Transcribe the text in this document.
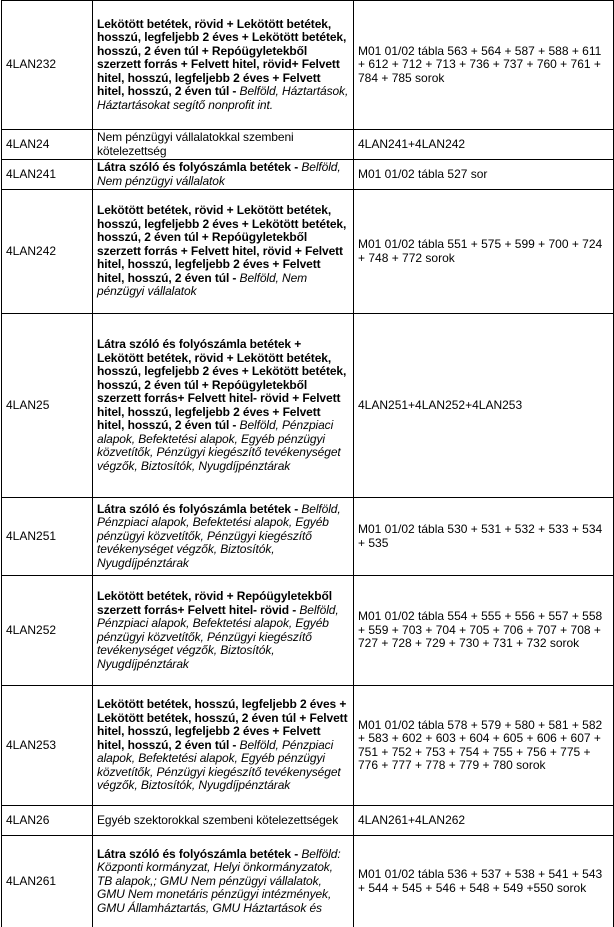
4LAN232	Lekötött betétek, rövid + Lekötött betétek, hosszú, legfeljebb 2 éves + Lekötött betétek, hosszú, 2 éven túl + Repóügyletekből szerzett forrás + Felvett hitel, rövid+ Felvett hitel, hosszú, legfeljebb 2 éves + Felvett hitel, hosszú, 2 éven túl - Belföld, Háztartások, Háztartásokat segítő nonprofit int.	M01 01/02 tábla 563 + 564 + 587 + 588 + 611 + 612 + 712 + 713 + 736 + 737 + 760 + 761 + 784 + 785 sorok
4LAN24	Nem pénzügyi vállalatokkal szembeni kötelezettség	4LAN241+4LAN242
4LAN241	Látra szóló és folyószámla betétek - Belföld, Nem pénzügyi vállalatok	M01 01/02 tábla 527 sor
4LAN242	Lekötött betétek, rövid + Lekötött betétek, hosszú, legfeljebb 2 éves + Lekötött betétek, hosszú, 2 éven túl + Repóügyletekből szerzett forrás + Felvett hitel, rövid + Felvett hitel, hosszú, legfeljebb 2 éves + Felvett hitel, hosszú, 2 éven túl - Belföld, Nem pénzügyi vállalatok	M01 01/02 tábla 551 + 575 + 599 + 700 + 724 + 748 + 772 sorok
4LAN25	Látra szóló és folyószámla betétek + Lekötött betétek, rövid + Lekötött betétek, hosszú, legfeljebb 2 éves + Lekötött betétek, hosszú, 2 éven túl + Repóügyletekből szerzett forrás+ Felvett hitel- rövid + Felvett hitel, hosszú, legfeljebb 2 éves + Felvett hitel, hosszú, 2 éven túl - Belföld, Pénzpiaci alapok, Befektetési alapok, Egyéb pénzügyi közvetítők, Pénzügyi kiegészítő tevékenységet végzők, Biztosítók, Nyugdíjpénztárak	4LAN251+4LAN252+4LAN253
4LAN251	Látra szóló és folyószámla betétek - Belföld, Pénzpiaci alapok, Befektetési alapok, Egyéb pénzügyi közvetítők, Pénzügyi kiegészítő tevékenységet végzők, Biztosítók, Nyugdíjpénztárak	M01 01/02 tábla 530 + 531 + 532 + 533 + 534 + 535
4LAN252	Lekötött betétek, rövid + Repóügyletekből szerzett forrás+ Felvett hitel- rövid - Belföld, Pénzpiaci alapok, Befektetési alapok, Egyéb pénzügyi közvetítők, Pénzügyi kiegészítő tevékenységet végzők, Biztosítók, Nyugdíjpénztárak	M01 01/02 tábla 554 + 555 + 556 + 557 + 558 + 559 + 703 + 704 + 705 + 706 + 707 + 708 + 727 + 728 + 729 + 730 + 731 + 732 sorok
4LAN253	Lekötött betétek, hosszú, legfeljebb 2 éves + Lekötött betétek, hosszú, 2 éven túl + Felvett hitel, hosszú, legfeljebb 2 éves + Felvett hitel, hosszú, 2 éven túl - Belföld, Pénzpiaci alapok, Befektetési alapok, Egyéb pénzügyi közvetítők, Pénzügyi kiegészítő tevékenységet végzők, Biztosítók, Nyugdíjpénztárak	M01 01/02 tábla 578 + 579 + 580 + 581 + 582 + 583 + 602 + 603 + 604 + 605 + 606 + 607 + 751 + 752 + 753 + 754 + 755 + 756 + 775 + 776 + 777 + 778 + 779 + 780 sorok
4LAN26	Egyéb szektorokkal szembeni kötelezettségek	4LAN261+4LAN262
4LAN261	Látra szóló és folyószámla betétek - Belföld: Központi kormányzat, Helyi önkormányzatok, TB alapok,; GMU Nem pénzügyi vállalatok, GMU Nem monetáris pénzügyi intézmények, GMU Államháztartás, GMU Háztartások és	M01 01/02 tábla 536 + 537 + 538 + 541 + 543 + 544 + 545 + 546 + 548 + 549 +550 sorok
